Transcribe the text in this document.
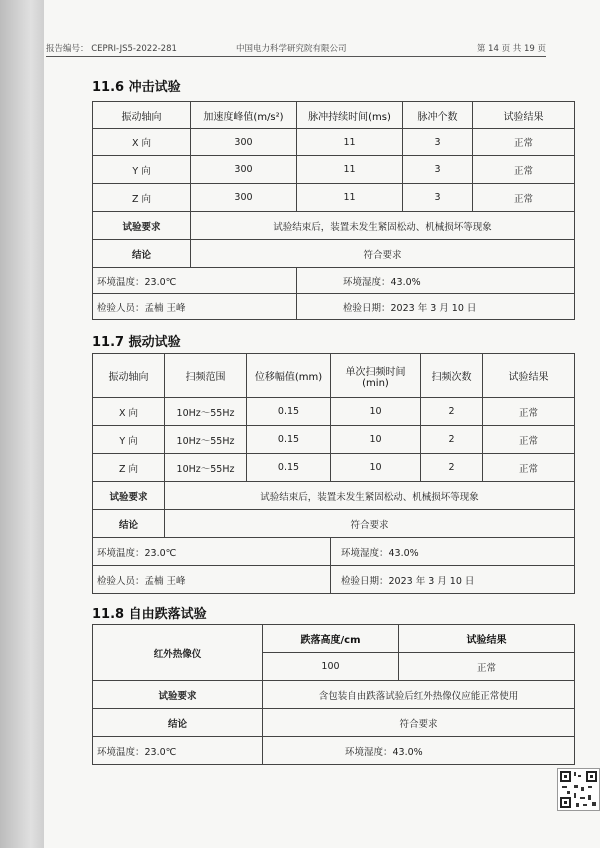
报告编号： CEPRI-JS5-2022-281	中国电力科学研究院有限公司	第 14 页 共 19 页
11.6 冲击试验
振动轴向	加速度峰值(m/s²)	脉冲持续时间(ms)	脉冲个数	试验结果
X 向	300	11	3	正常
Y 向	300	11	3	正常
Z 向	300	11	3	正常
试验要求	试验结束后，装置未发生紧固松动、机械损坏等现象			
结论	符合要求			
环境温度：23.0℃		环境湿度：43.0%		
检验人员：孟楠 王峰		检验日期：2023 年 3 月 10 日		
11.7 振动试验
振动轴向	扫频范围	位移幅值(mm)	单次扫频时间 (min)	扫频次数	试验结果
X 向	10Hz～55Hz	0.15	10	2	正常
Y 向	10Hz～55Hz	0.15	10	2	正常
Z 向	10Hz～55Hz	0.15	10	2	正常
试验要求	试验结束后，装置未发生紧固松动、机械损坏等现象				
结论	符合要求				
环境温度：23.0℃			环境湿度：43.0%		
检验人员：孟楠 王峰			检验日期：2023 年 3 月 10 日		
11.8 自由跌落试验
红外热像仪	跌落高度/cm	试验结果
	100	正常
试验要求	含包装自由跌落试验后红外热像仪应能正常使用	
结论	符合要求	
环境温度：23.0℃	环境湿度：43.0%	
